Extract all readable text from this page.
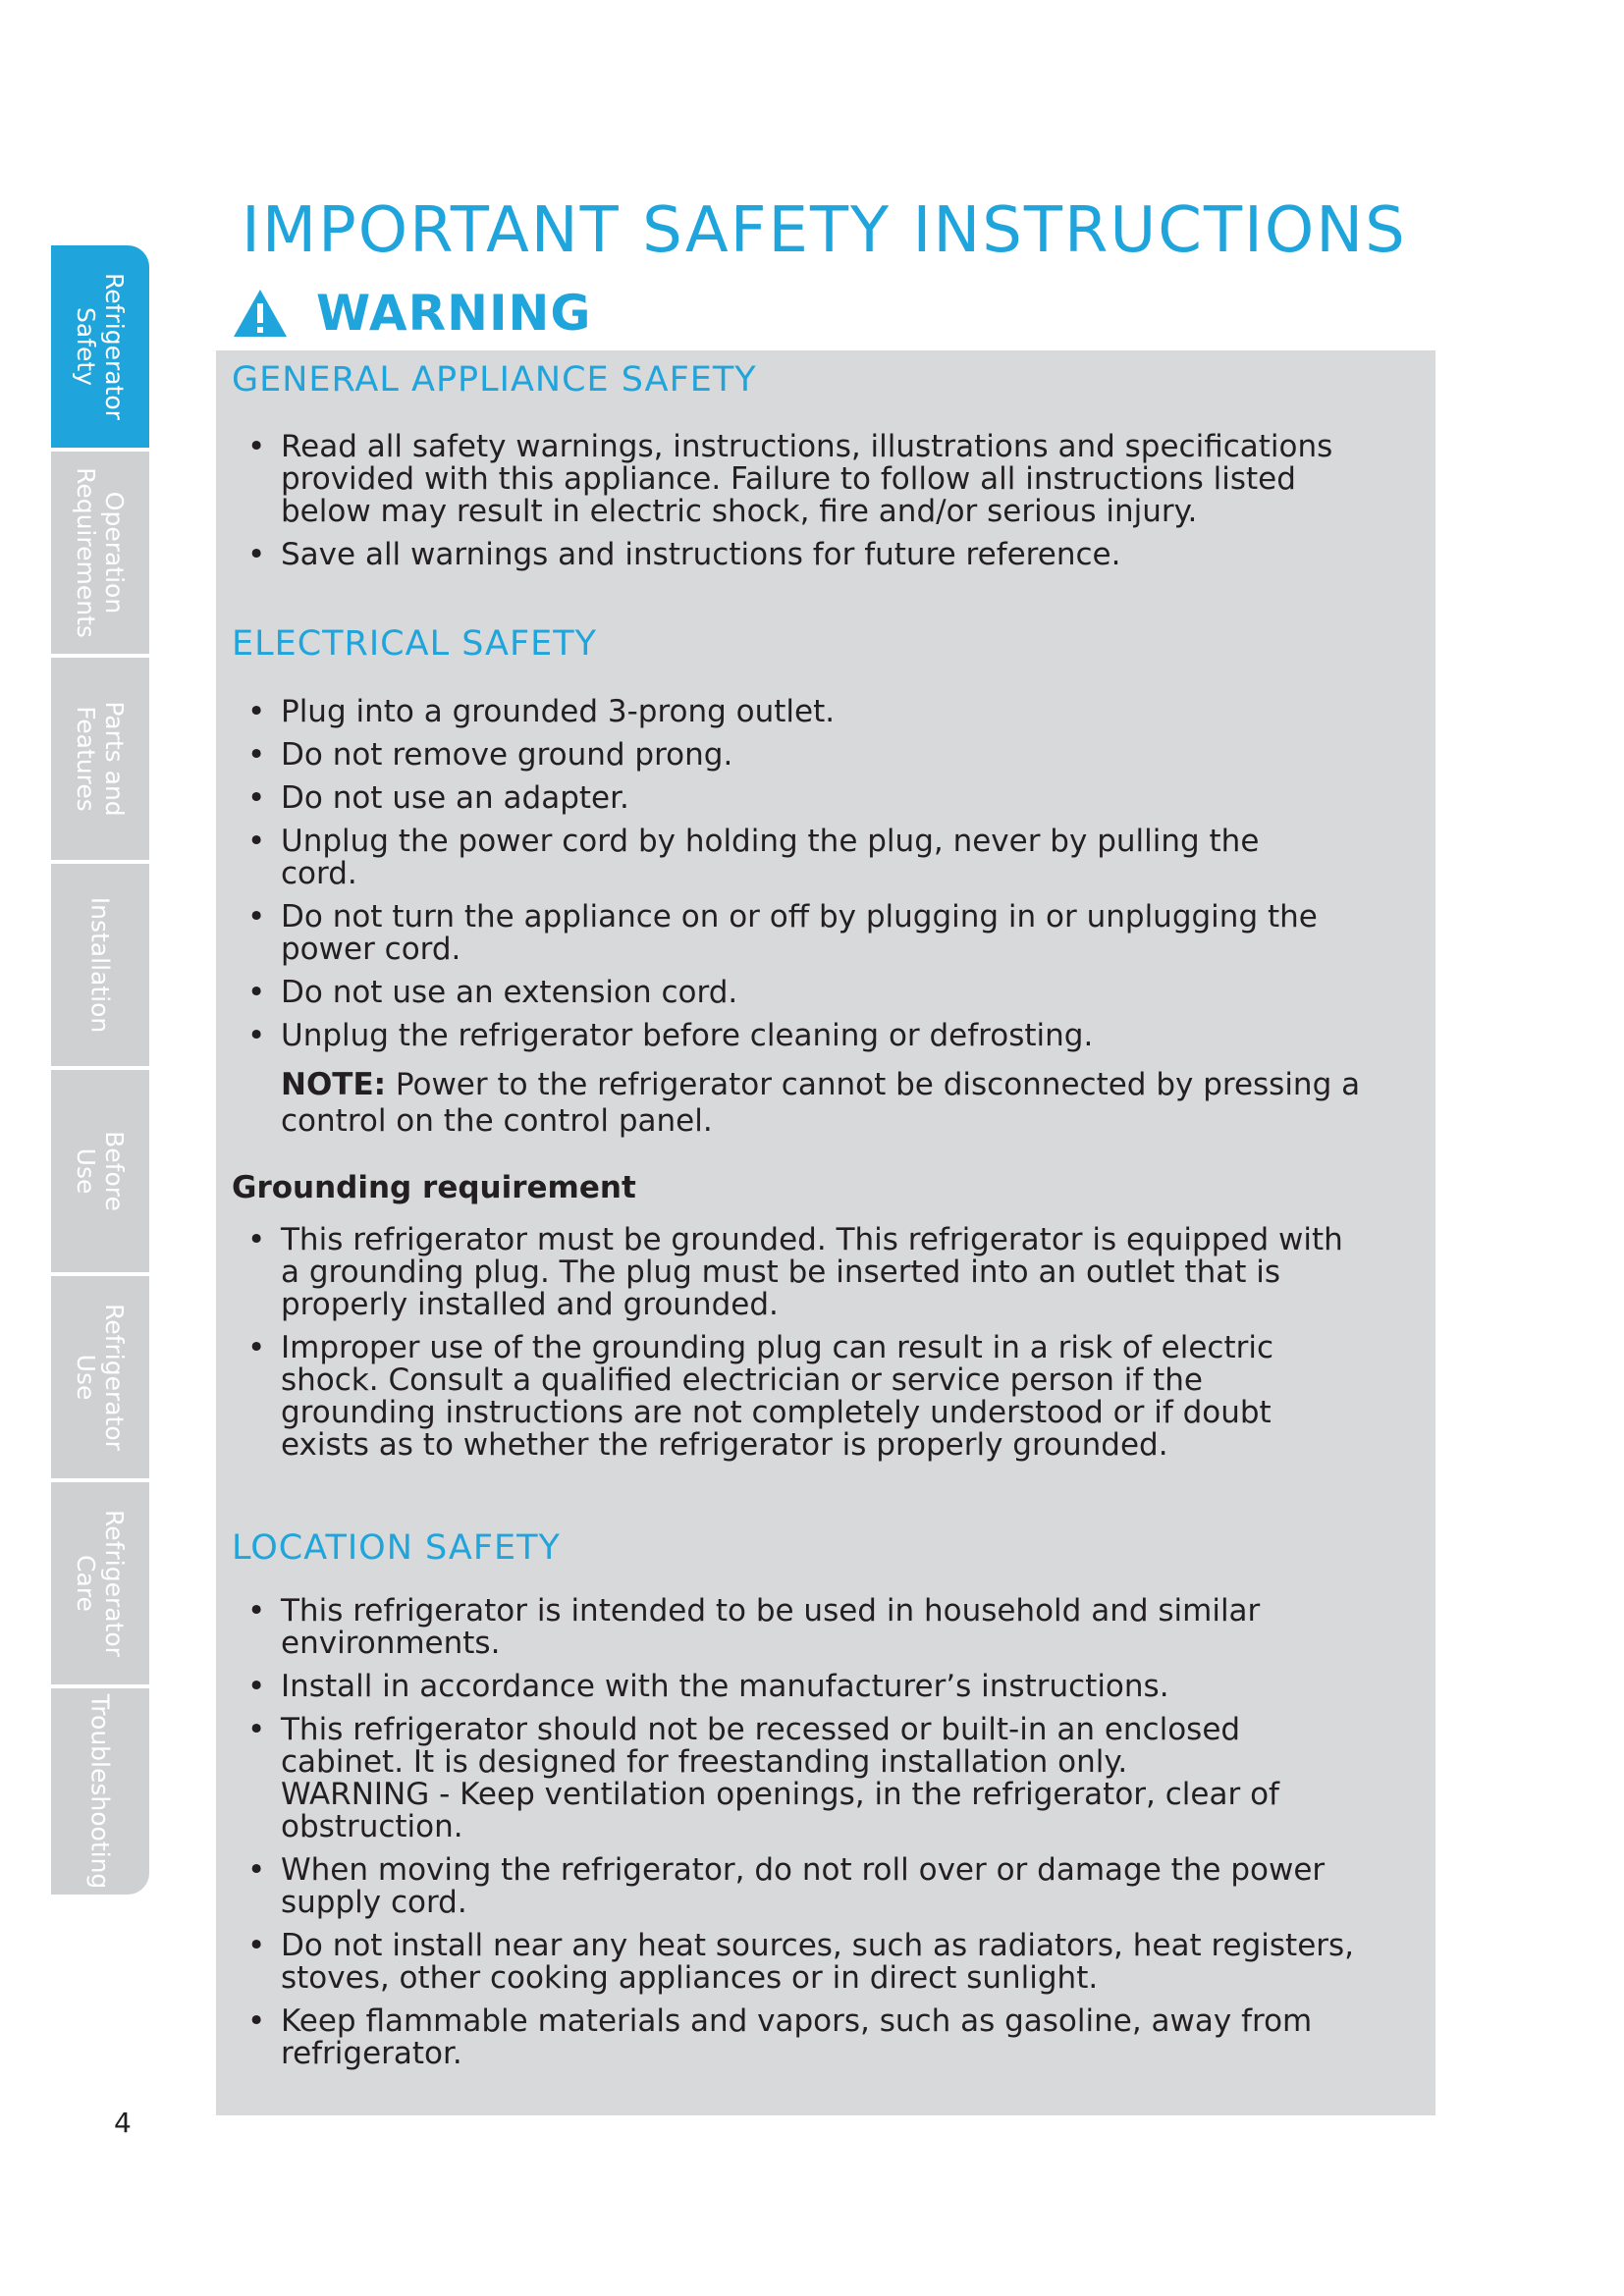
Refrigerator
Safety
Operation
Requirements
Parts and
Features
Installation
Before
Use
Refrigerator
Use
Refrigerator
Care
Troubleshooting
4
IMPORTANT SAFETY INSTRUCTIONS
WARNING
GENERAL APPLIANCE SAFETY
• Read all safety warnings, instructions, illustrations and specifications
provided with this appliance. Failure to follow all instructions listed
below may result in electric shock, fire and/or serious injury.
• Save all warnings and instructions for future reference.
ELECTRICAL SAFETY
• Plug into a grounded 3-prong outlet.
• Do not remove ground prong.
• Do not use an adapter.
• Unplug the power cord by holding the plug, never by pulling the
cord.
• Do not turn the appliance on or off by plugging in or unplugging the
power cord.
• Do not use an extension cord.
• Unplug the refrigerator before cleaning or defrosting.

NOTE: Power to the refrigerator cannot be disconnected by pressing a control on the control panel.

Grounding requirement
• This refrigerator must be grounded. This refrigerator is equipped with
a grounding plug. The plug must be inserted into an outlet that is
properly installed and grounded.
• Improper use of the grounding plug can result in a risk of electric
shock. Consult a qualified electrician or service person if the
grounding instructions are not completely understood or if doubt
exists as to whether the refrigerator is properly grounded.
LOCATION SAFETY
• This refrigerator is intended to be used in household and similar
environments.
• Install in accordance with the manufacturer’s instructions.
• This refrigerator should not be recessed or built-in an enclosed
cabinet. It is designed for freestanding installation only.
WARNING - Keep ventilation openings, in the refrigerator, clear of
obstruction.
• When moving the refrigerator, do not roll over or damage the power
supply cord.
• Do not install near any heat sources, such as radiators, heat registers,
stoves, other cooking appliances or in direct sunlight.
• Keep flammable materials and vapors, such as gasoline, away from
refrigerator.
